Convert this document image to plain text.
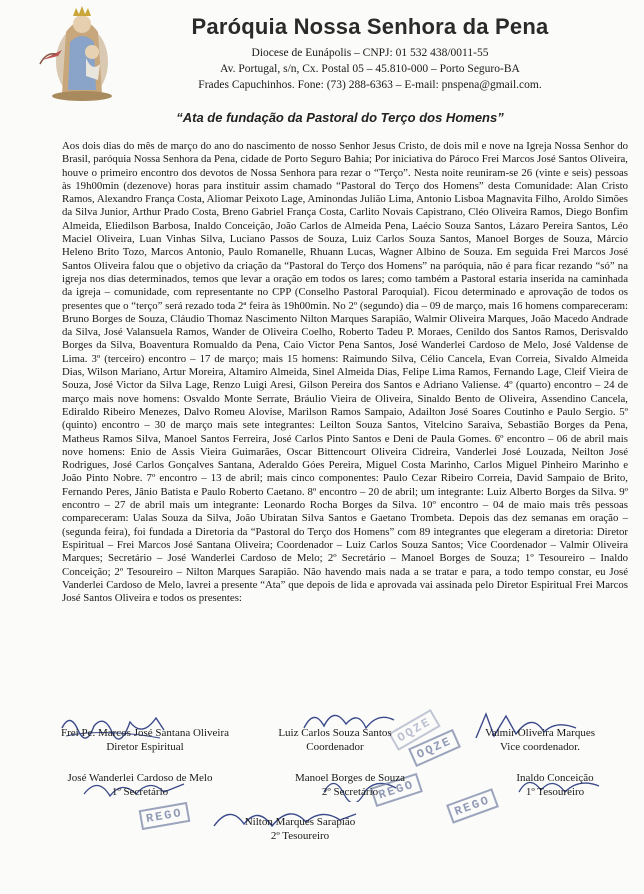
Paróquia Nossa Senhora da Pena
Diocese de Eunápolis – CNPJ: 01 532 438/0011-55
Av. Portugal, s/n, Cx. Postal 05 – 45.810-000 – Porto Seguro-BA
Frades Capuchinhos. Fone: (73) 288-6363 – E-mail: pnspena@gmail.com.
“Ata de fundação da Pastoral do Terço dos Homens”
Aos dois dias do mês de março do ano do nascimento de nosso Senhor Jesus Cristo, de dois mil e nove na Igreja Nossa Senhor do Brasil, paróquia Nossa Senhora da Pena, cidade de Porto Seguro Bahia; Por iniciativa do Pároco Frei Marcos José Santos Oliveira, houve o primeiro encontro dos devotos de Nossa Senhora para rezar o “Terço”. Nesta noite reuniram-se 26 (vinte e seis) pessoas às 19h00min (dezenove) horas para instituir assim chamado “Pastoral do Terço dos Homens” desta Comunidade: Alan Cristo Ramos, Alexandro França Costa, Aliomar Peixoto Lage, Aminondas Julião Lima, Antonio Lisboa Magnavita Filho, Aroldo Simões da Silva Junior, Arthur Prado Costa, Breno Gabriel França Costa, Carlito Novais Capistrano, Cléo Oliveira Ramos, Diego Bonfim Almeida, Eliedilson Barbosa, Inaldo Conceição, João Carlos de Almeida Pena, Laécio Souza Santos, Lázaro Pereira Santos, Léo Maciel Oliveira, Luan Vinhas Silva, Luciano Passos de Souza, Luiz Carlos Souza Santos, Manoel Borges de Souza, Márcio Heleno Brito Tozo, Marcos Antonio, Paulo Romanelle, Rhuann Lucas, Wagner Albino de Souza. Em seguida Frei Marcos José Santos Oliveira falou que o objetivo da criação da “Pastoral do Terço dos Homens” na paróquia, não é para ficar rezando “só” na igreja nos dias determinados, temos que levar a oração em todos os lares; como também a Pastoral estaria inserida na caminhada da igreja – comunidade, com representante no CPP (Conselho Pastoral Paroquial). Ficou determinado e aprovação de todos os presentes que o “terço” será rezado toda 2ª feira às 19h00min. No 2º (segundo) dia – 09 de março, mais 16 homens compareceram: Bruno Borges de Souza, Cláudio Thomaz Nascimento Nilton Marques Sarapião, Walmir Oliveira Marques, João Macedo Andrade da Silva, José Valansuela Ramos, Wander de Oliveira Coelho, Roberto Tadeu P. Moraes, Cenildo dos Santos Ramos, Derisvaldo Borges da Silva, Boaventura Romualdo da Pena, Caio Victor Pena Santos, José Wanderlei Cardoso de Melo, José Valdense de Lima. 3º (terceiro) encontro – 17 de março; mais 15 homens: Raimundo Silva, Célio Cancela, Evan Correia, Sivaldo Almeida Dias, Wilson Mariano, Artur Moreira, Altamiro Almeida, Sinel Almeida Dias, Felipe Lima Ramos, Fernando Lage, Cleif Vieira de Souza, José Victor da Silva Lage, Renzo Luigi Aresi, Gilson Pereira dos Santos e Adriano Valiense. 4º (quarto) encontro – 24 de março mais nove homens: Osvaldo Monte Serrate, Bráulio Vieira de Oliveira, Sinaldo Bento de Oliveira, Assendino Cancela, Ediraldo Ribeiro Menezes, Dalvo Romeu Alovise, Marilson Ramos Sampaio, Adailton José Soares Coutinho e Paulo Sergio. 5º (quinto) encontro – 30 de março mais sete integrantes: Leilton Souza Santos, Vitelcino Saraiva, Sebastião Borges da Pena, Matheus Ramos Silva, Manoel Santos Ferreira, José Carlos Pinto Santos e Deni de Paula Gomes. 6º encontro – 06 de abril mais nove homens: Enio de Assis Vieira Guimarães, Oscar Bittencourt Oliveira Cidreira, Vanderlei José Louzada, Neilton José Rodrigues, José Carlos Gonçalves Santana, Aderaldo Góes Pereira, Miguel Costa Marinho, Carlos Miguel Pinheiro Marinho e João Pinto Nobre. 7º encontro – 13 de abril; mais cinco componentes: Paulo Cezar Ribeiro Correia, David Sampaio de Brito, Fernando Peres, Jânio Batista e Paulo Roberto Caetano. 8º encontro – 20 de abril; um integrante: Luiz Alberto Borges da Silva. 9º encontro – 27 de abril mais um integrante: Leonardo Rocha Borges da Silva. 10º encontro – 04 de maio mais três pessoas compareceram: Ualas Souza da Silva, João Ubiratan Silva Santos e Gaetano Trombeta. Depois das dez semanas em oração – (segunda feira), foi fundada a Diretoria da “Pastoral do Terço dos Homens” com 89 integrantes que elegeram a diretoria: Diretor Espiritual – Frei Marcos José Santana Oliveira; Coordenador – Luiz Carlos Souza Santos; Vice Coordenador – Valmir Oliveira Marques; Secretário – José Wanderlei Cardoso de Melo; 2º Secretário – Manoel Borges de Souza; 1º Tesoureiro – Inaldo Conceição; 2º Tesoureiro – Nilton Marques Sarapião. Não havendo mais nada a se tratar e para, a todo tempo constar, eu José Vanderlei Cardoso de Melo, lavrei a presente “Ata” que depois de lida e aprovada vai assinada pelo Diretor Espiritual Frei Marcos José Santos Oliveira e todos os presentes:
OQZE
OQZE
REGO
REGO	REGO
Frei Pe. Marcos José Santana Oliveira
Diretor Espiritual
Luiz Carlos Souza Santos
Coordenador
Valmir Oliveira Marques
Vice coordenador.
José Wanderlei Cardoso de Melo
1º Secretário
Manoel Borges de Souza
2º Secretário
Inaldo Conceição
1º Tesoureiro
Nilton Marques Sarapião
2º Tesoureiro
